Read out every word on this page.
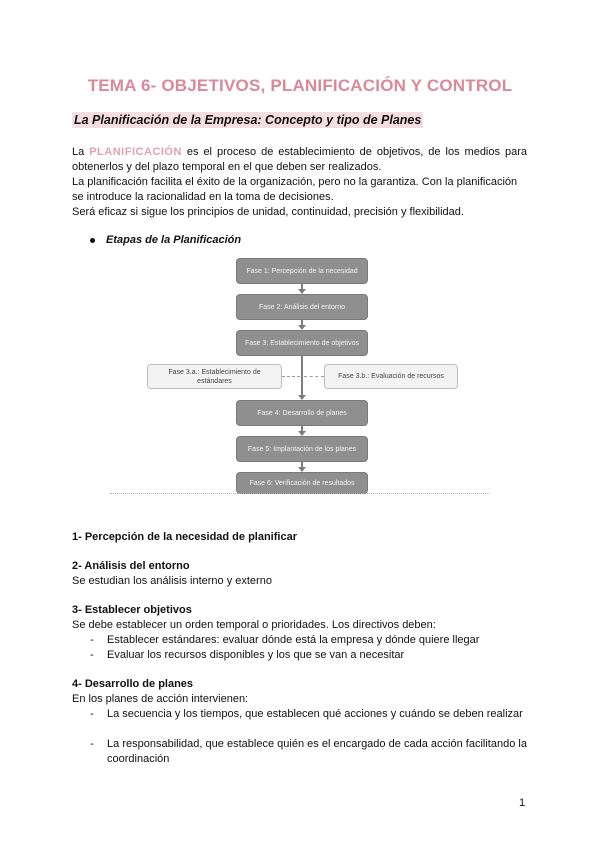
TEMA 6- OBJETIVOS, PLANIFICACIÓN Y CONTROL
La Planificación de la Empresa: Concepto y tipo de Planes
La PLANIFICACIÓN es el proceso de establecimiento de objetivos, de los medios para obtenerlos y del plazo temporal en el que deben ser realizados.
La planificación facilita el éxito de la organización, pero no la garantiza. Con la planificación se introduce la racionalidad en la toma de decisiones.
Será eficaz si sigue los principios de unidad, continuidad, precisión y flexibilidad.
Etapas de la Planificación
Fase 1: Percepción de la necesidad
Fase 2: Análisis del entorno
Fase 3: Establecimiento de objetivos
Fase 3.a.: Establecimiento de estándares
Fase 3.b.: Evaluación de recursos
Fase 4: Desarrollo de planes
Fase 5: Implantación de los planes
Fase 6: Verificación de resultados
1- Percepción de la necesidad de planificar
2- Análisis del entorno
Se estudian los análisis interno y externo
3- Establecer objetivos
Se debe establecer un orden temporal o prioridades. Los directivos deben:
-	Establecer estándares: evaluar dónde está la empresa y dónde quiere llegar
-	Evaluar los recursos disponibles y los que se van a necesitar
4- Desarrollo de planes
En los planes de acción intervienen:
-	La secuencia y los tiempos, que establecen qué acciones y cuándo se deben realizar
-	La responsabilidad, que establece quién es el encargado de cada acción facilitando la coordinación
1
